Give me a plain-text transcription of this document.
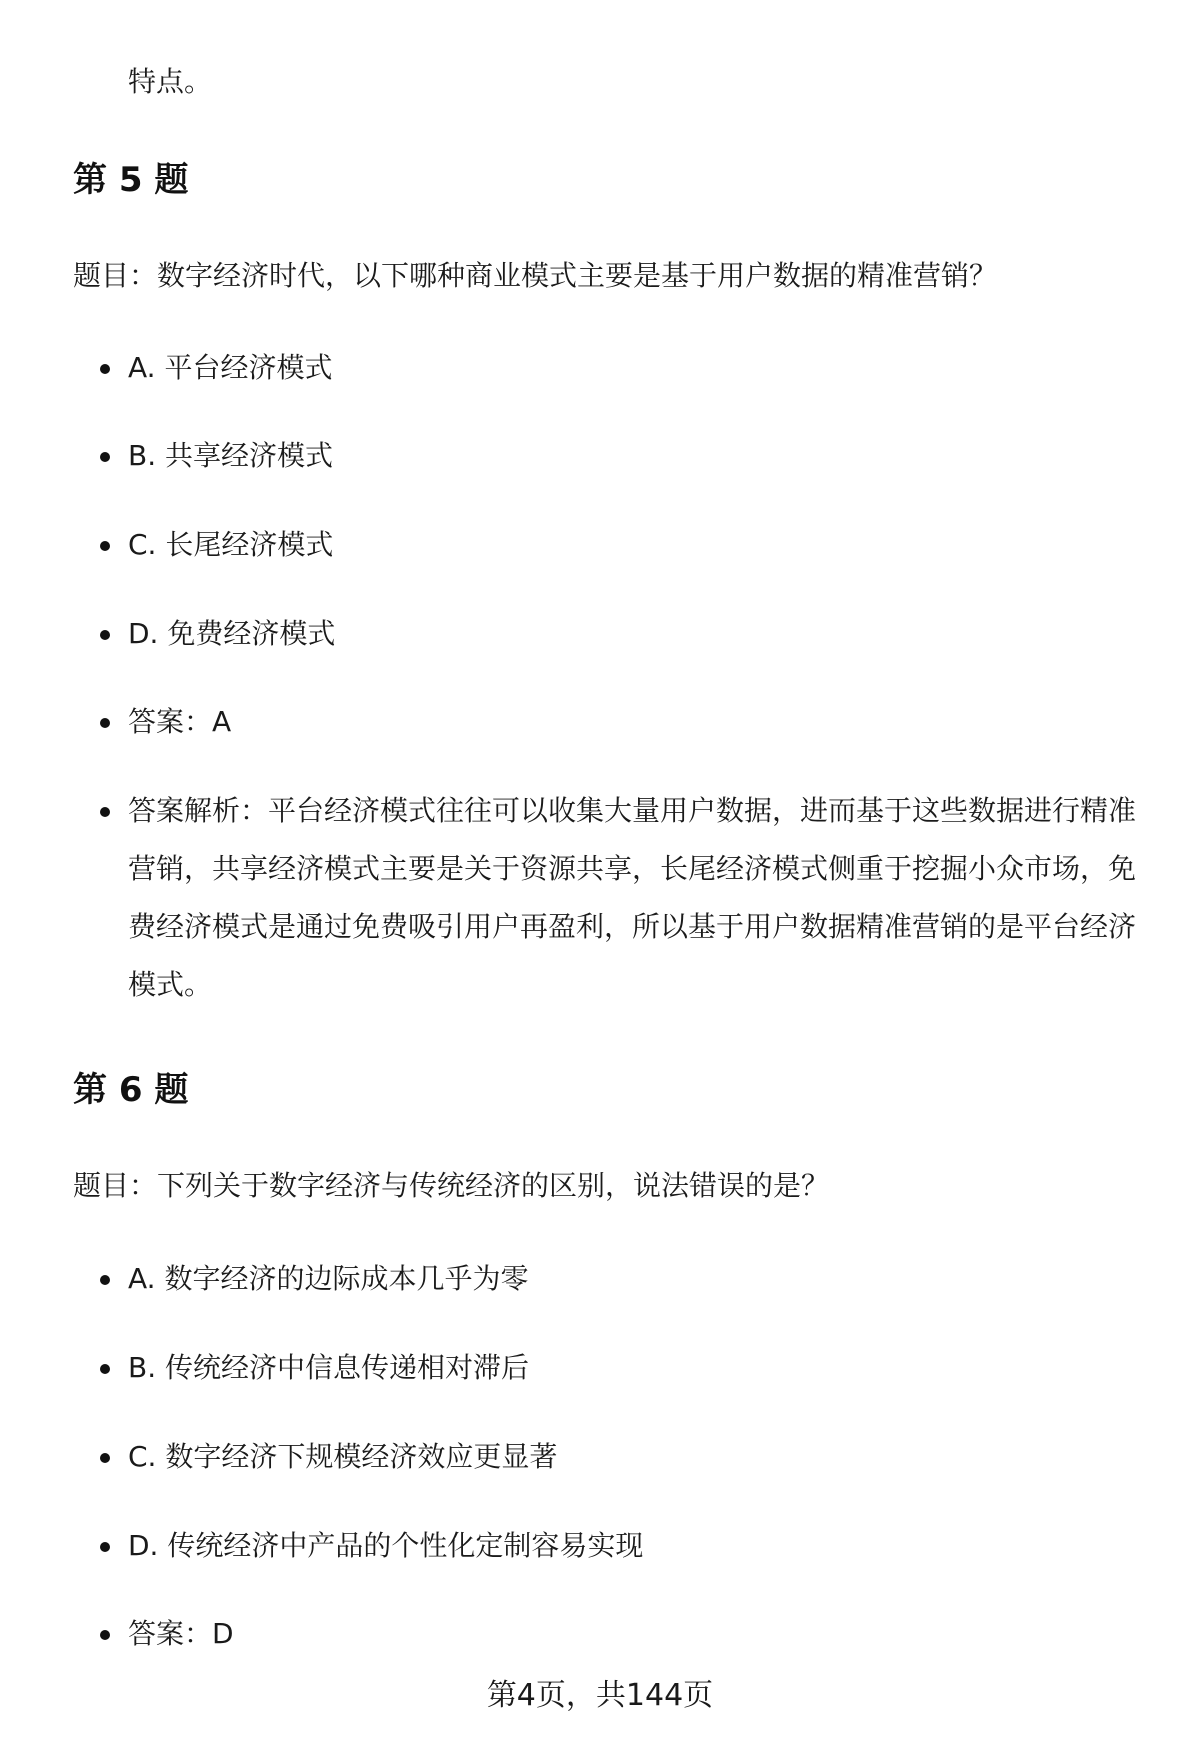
特点。
第 5 题
题目：数字经济时代，以下哪种商业模式主要是基于用户数据的精准营销？
A. 平台经济模式
B. 共享经济模式
C. 长尾经济模式
D. 免费经济模式
答案：A
答案解析：平台经济模式往往可以收集大量用户数据，进而基于这些数据进行精准营销，共享经济模式主要是关于资源共享，长尾经济模式侧重于挖掘小众市场，免费经济模式是通过免费吸引用户再盈利，所以基于用户数据精准营销的是平台经济模式。
第 6 题
题目：下列关于数字经济与传统经济的区别，说法错误的是？
A. 数字经济的边际成本几乎为零
B. 传统经济中信息传递相对滞后
C. 数字经济下规模经济效应更显著
D. 传统经济中产品的个性化定制容易实现
答案：D
第4页，共144页
